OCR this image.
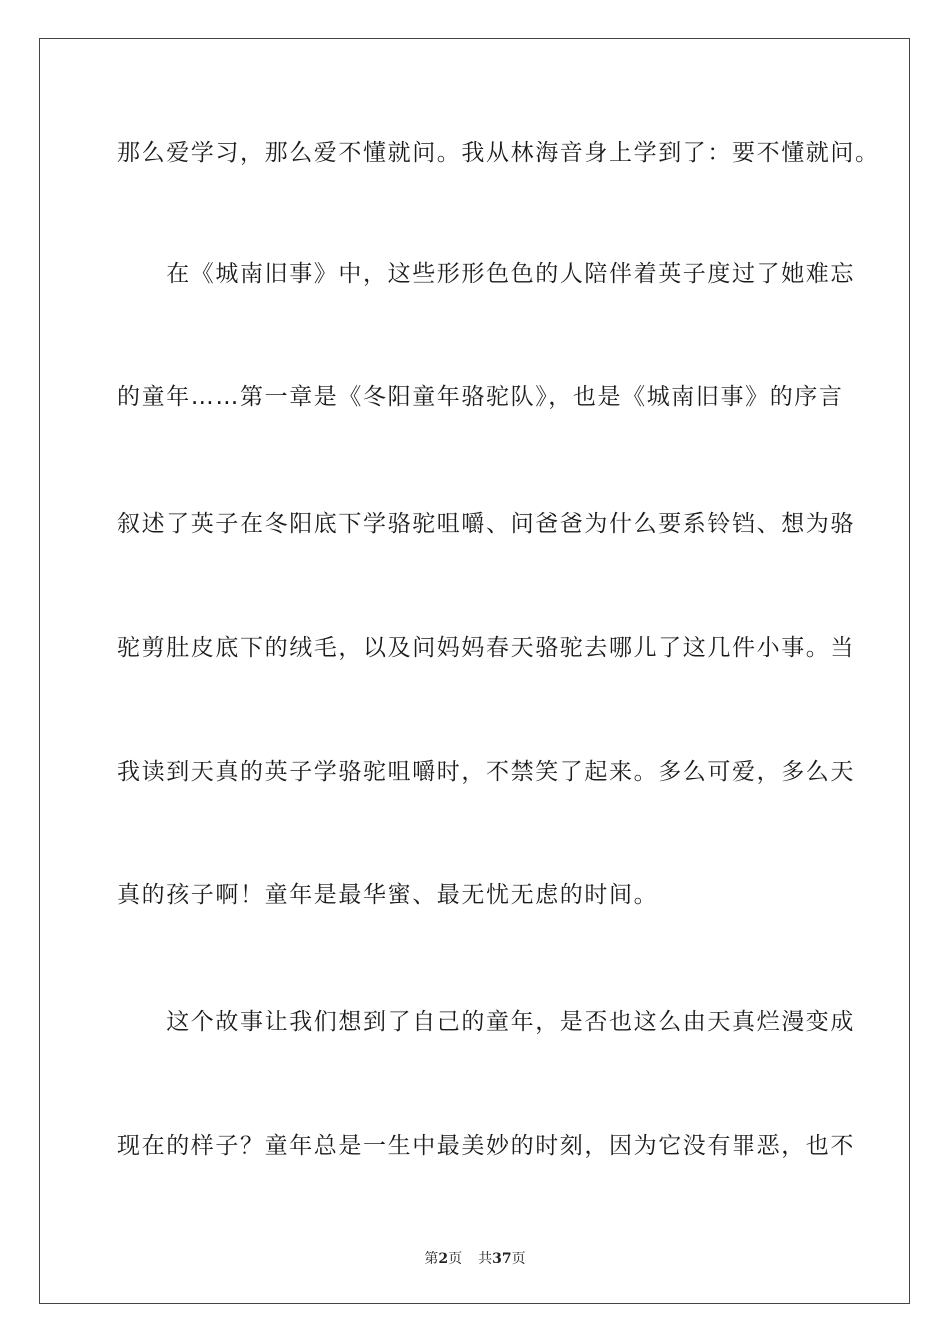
那么爱学习，那么爱不懂就问。我从林海音身上学到了：要不懂就问。
　　在《城南旧事》中，这些形形色色的人陪伴着英子度过了她难忘
的童年……第一章是《冬阳童年骆驼队》，也是《城南旧事》的序言
叙述了英子在冬阳底下学骆驼咀嚼、问爸爸为什么要系铃铛、想为骆
驼剪肚皮底下的绒毛，以及问妈妈春天骆驼去哪儿了这几件小事。当
我读到天真的英子学骆驼咀嚼时，不禁笑了起来。多么可爱，多么天
真的孩子啊！童年是最华蜜、最无忧无虑的时间。
　　这个故事让我们想到了自己的童年，是否也这么由天真烂漫变成
现在的样子？童年总是一生中最美妙的时刻，因为它没有罪恶，也不
第2页 共37页
